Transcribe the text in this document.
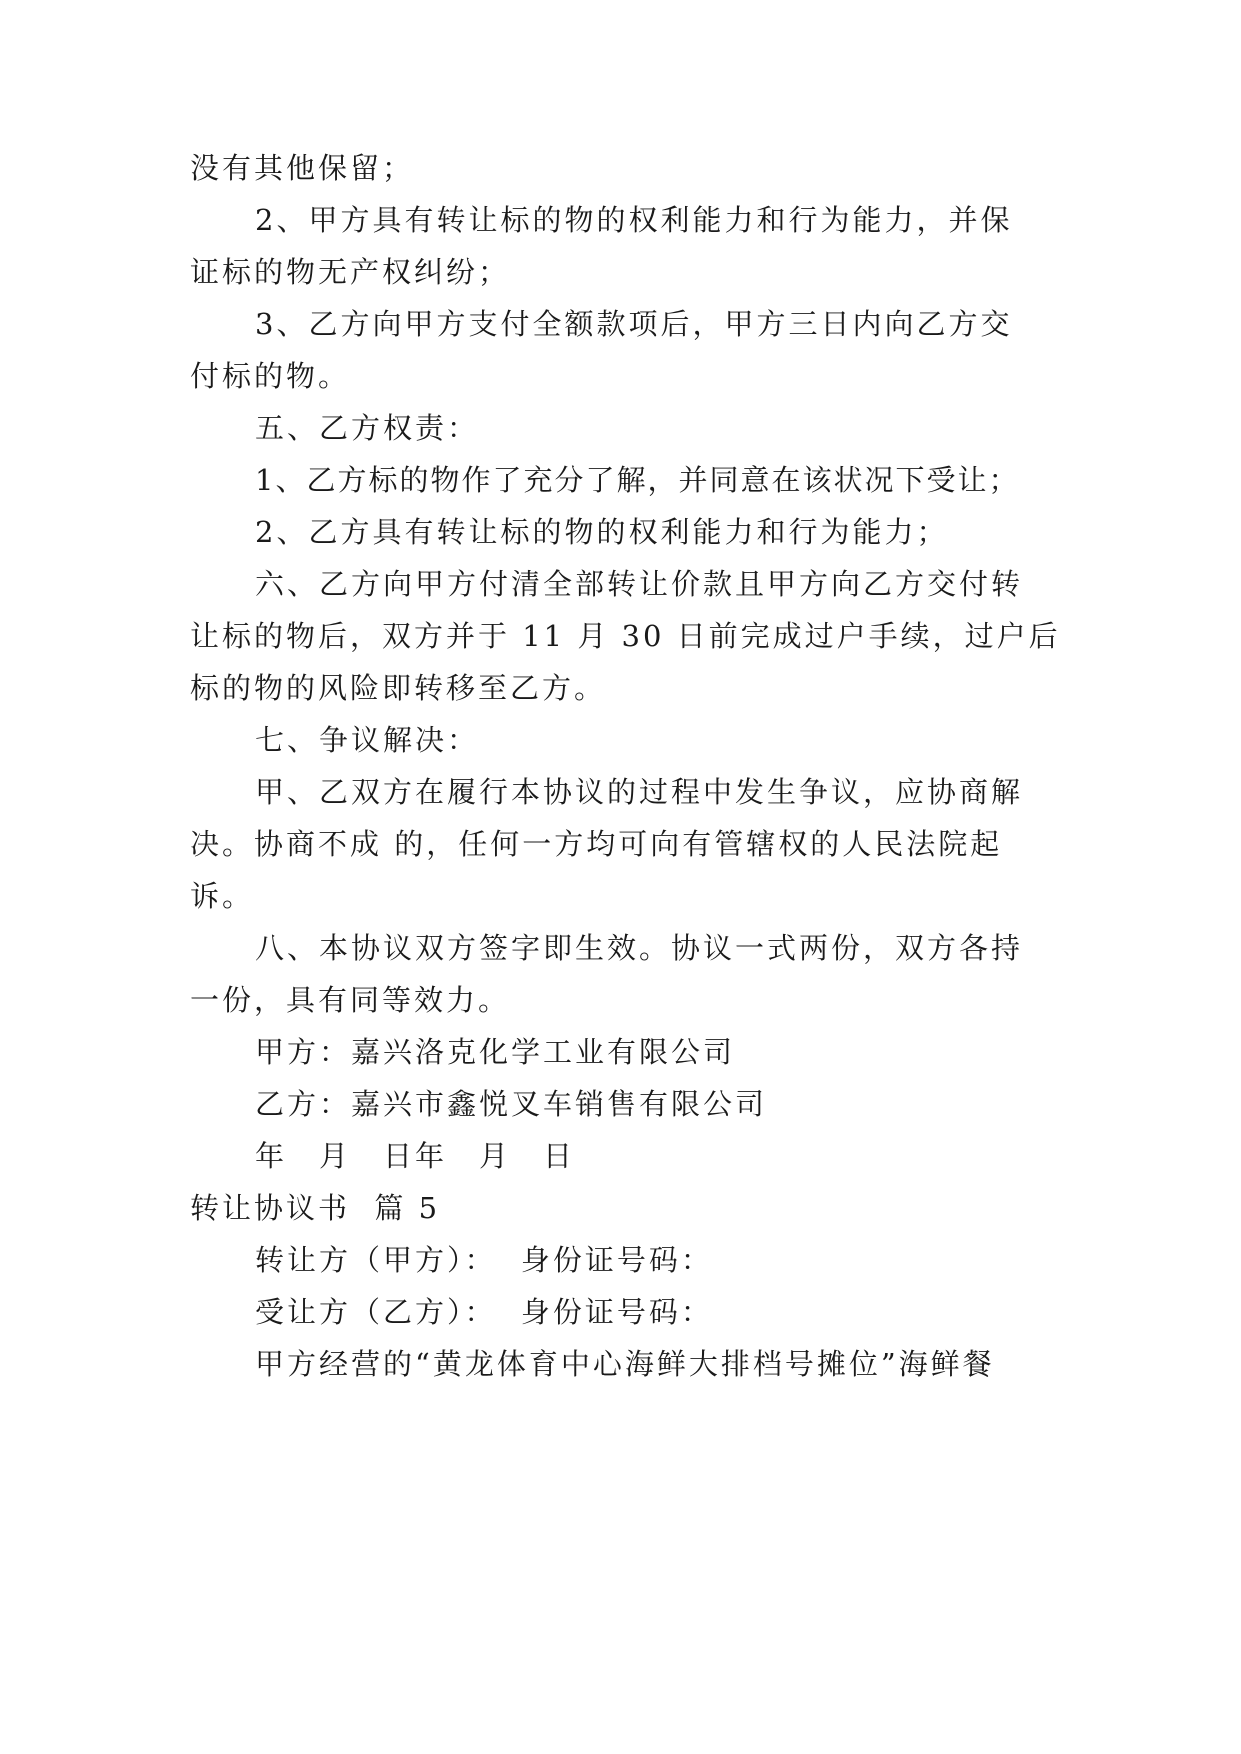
没有其他保留；
2、甲方具有转让标的物的权利能力和行为能力，并保
证标的物无产权纠纷；
3、乙方向甲方支付全额款项后，甲方三日内向乙方交
付标的物。
五、乙方权责：
1、乙方标的物作了充分了解，并同意在该状况下受让；
2、乙方具有转让标的物的权利能力和行为能力；
六、乙方向甲方付清全部转让价款且甲方向乙方交付转
让标的物后，双方并于 11 月 30 日前完成过户手续，过户后
标的物的风险即转移至乙方。
七、争议解决：
甲、乙双方在履行本协议的过程中发生争议，应协商解
决。协商不成 的，任何一方均可向有管辖权的人民法院起
诉。
八、本协议双方签字即生效。协议一式两份，双方各持
一份，具有同等效力。
甲方：嘉兴洛克化学工业有限公司
乙方：嘉兴市鑫悦叉车销售有限公司
年　月　日年　月　日
转让协议书  篇 5
转让方（甲方）：  身份证号码：
受让方（乙方）：  身份证号码：
甲方经营的“黄龙体育中心海鲜大排档号摊位”海鲜餐
